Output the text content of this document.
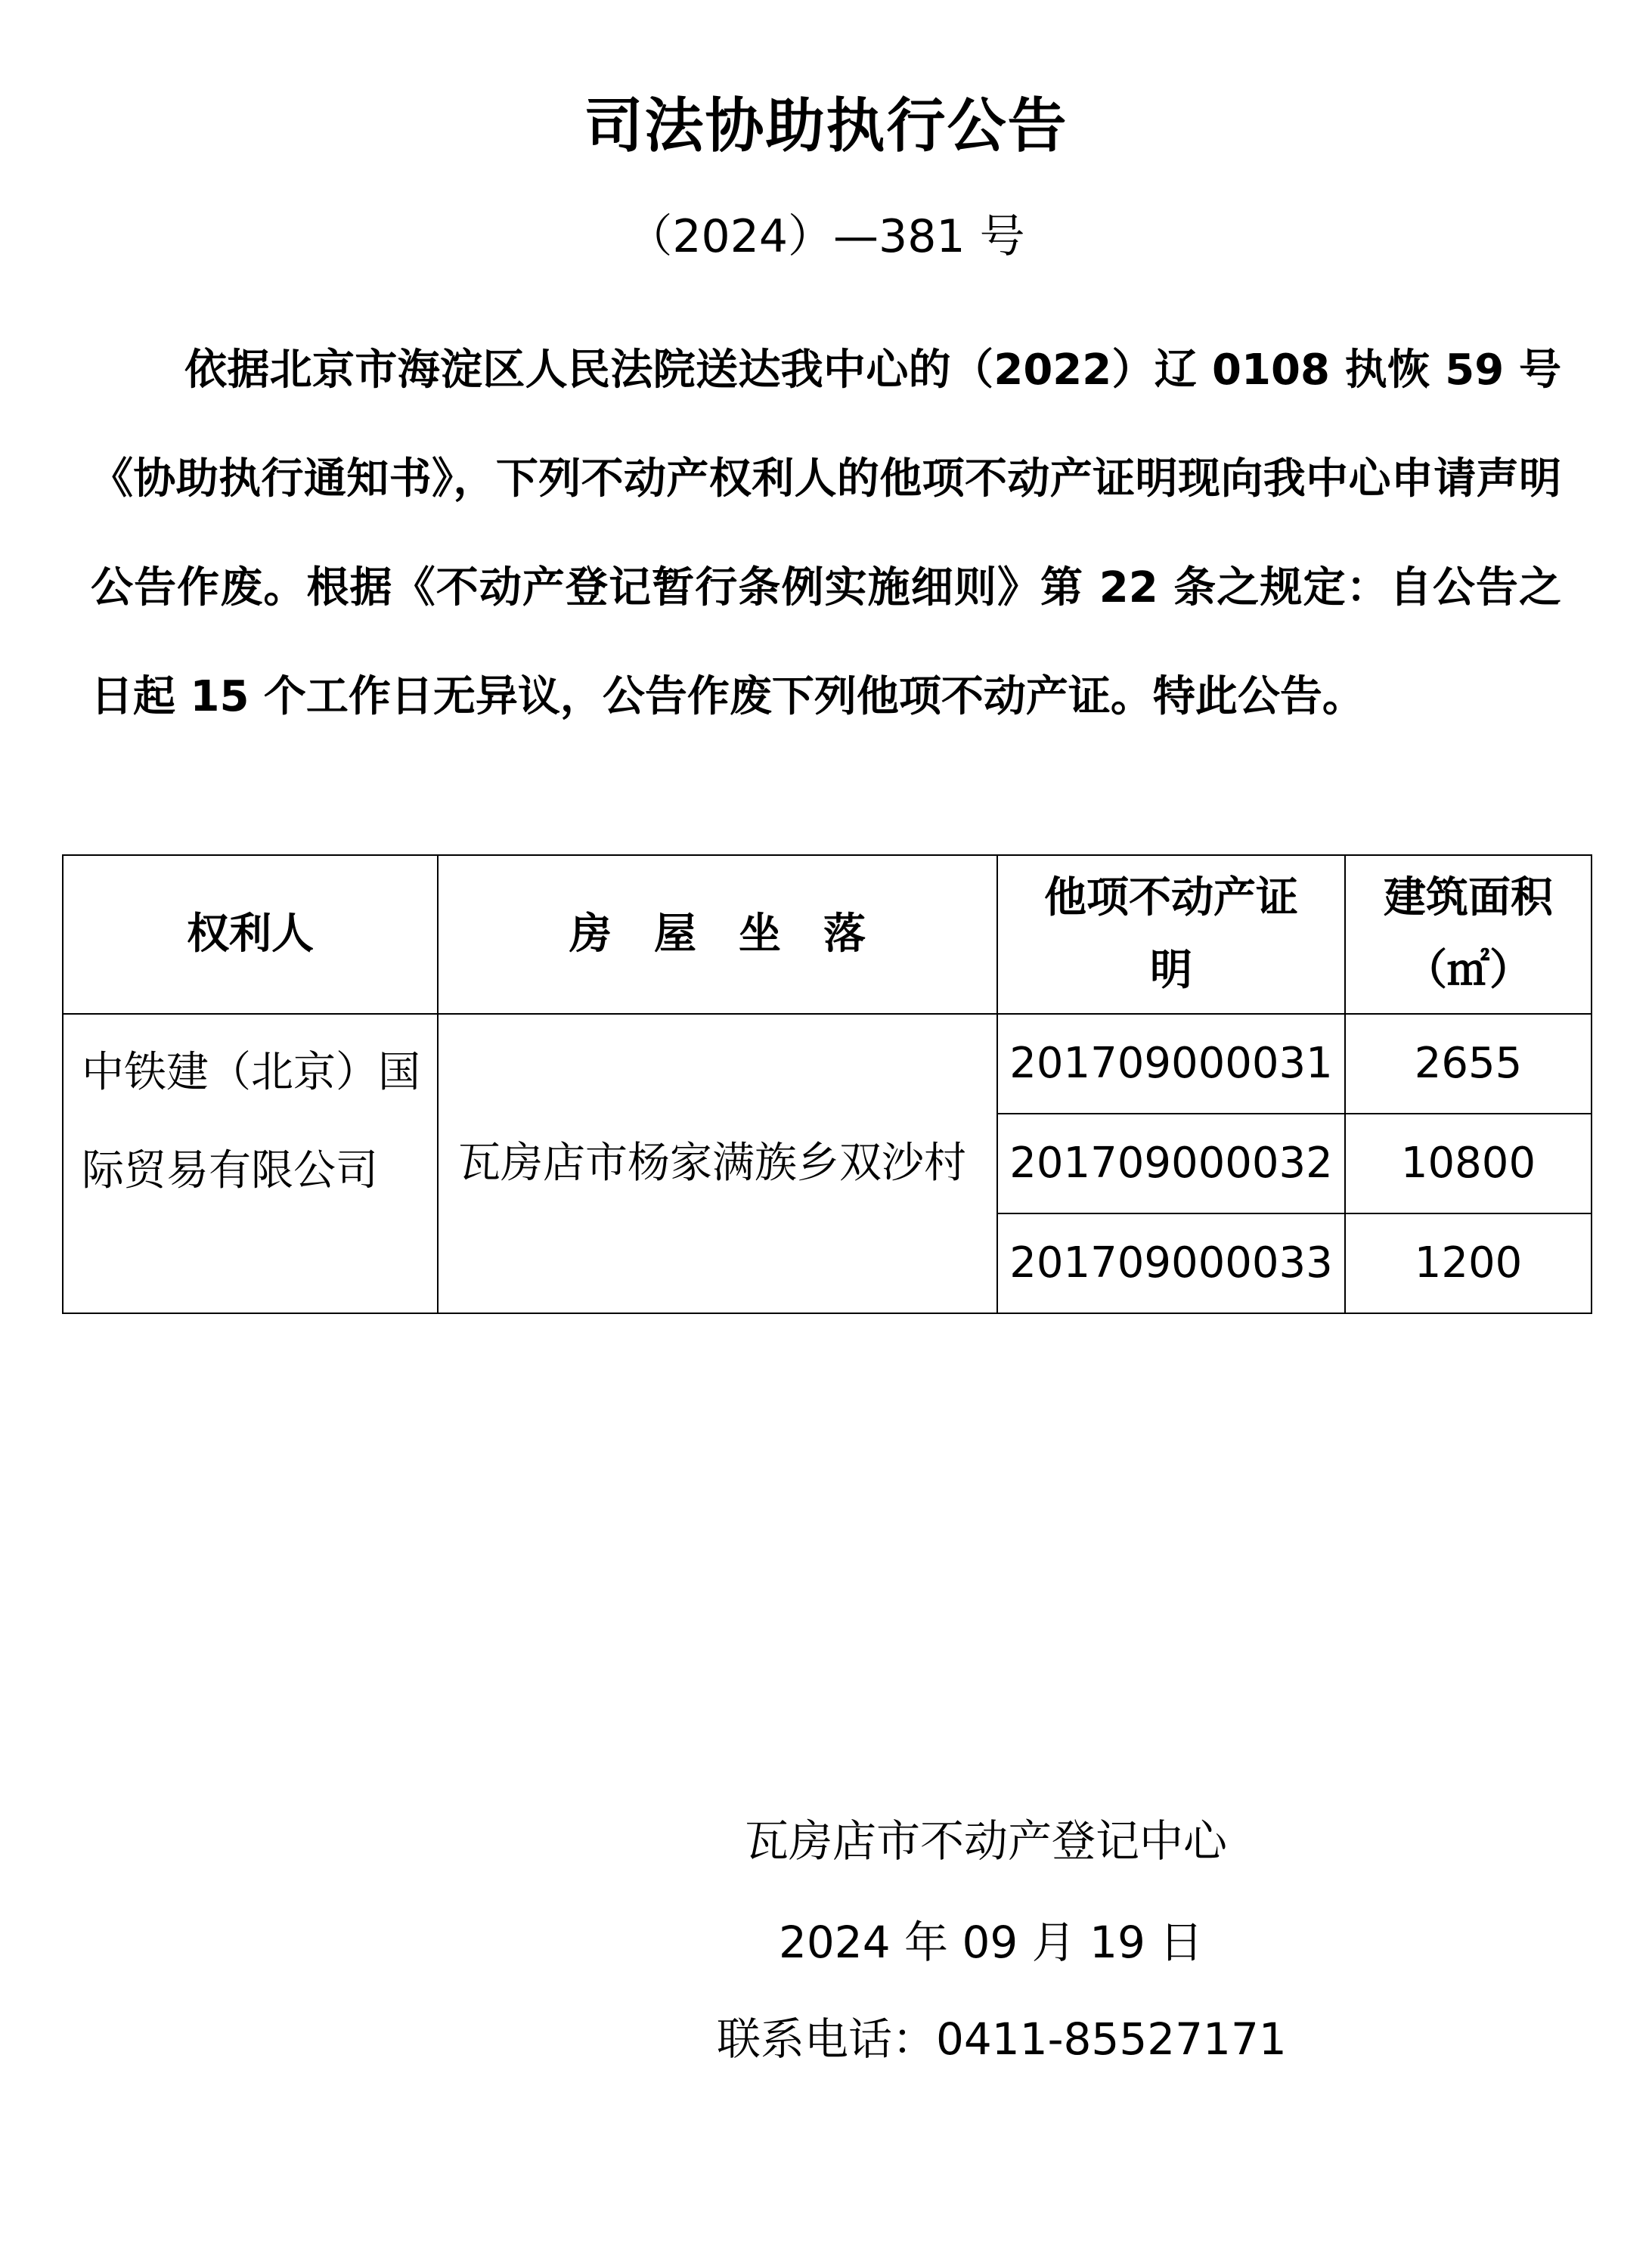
司法协助执行公告
（2024）—381 号

依据北京市海淀区人民法院送达我中心的（2022）辽 0108 执恢 59 号《协助执行通知书》，下列不动产权利人的他项不动产证明现向我中心申请声明公告作废。根据《不动产登记暂行条例实施细则》第 22 条之规定：自公告之日起 15 个工作日无异议，公告作废下列他项不动产证。特此公告。

权利人	房　屋　坐　落	他项不动产证明	建筑面积（㎡）
中铁建（北京）国际贸易有限公司	瓦房店市杨家满族乡双沙村	201709000031	2655
		201709000032	10800
		201709000033	1200
瓦房店市不动产登记中心
2024 年 09 月 19 日
联系电话：0411-85527171
